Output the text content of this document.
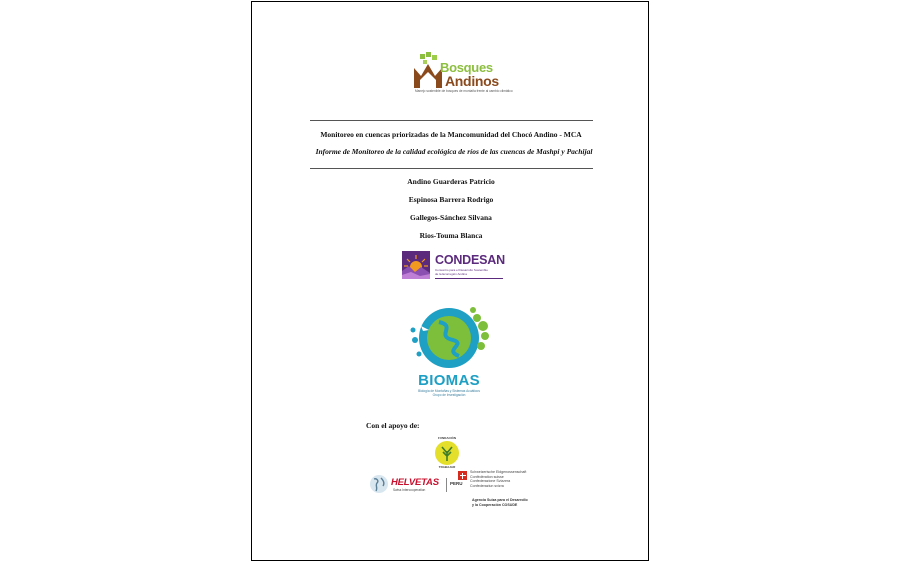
Bosques
Andinos
Manejo sostenible de bosques de montaña frente al cambio climático
Monitoreo en cuencas priorizadas de la Mancomunidad del Chocó Andino - MCA
Informe de Monitoreo de la calidad ecológica de ríos de las cuencas de Mashpi y Pachijal
Andino Guarderas Patricio
Espinosa Barrera Rodrigo
Gallegos-Sánchez Silvana
Rios-Touma Blanca
CONDESAN
Consorcio para el Desarrollo Sostenible
de la Ecorregión Andina
BIOMAS
Biología de Montañas y Sistemas Acuáticos
Grupo de Investigación
Con el apoyo de:
FUNDACIÓN
TRABAJAR
HELVETAS
Swiss Intercooperation
PERU
Schweizerische Eidgenossenschaft
Confédération suisse
Confederazione Svizzera
Confederaziun svizra
Agencia Suiza para el Desarrollo
y la Cooperación COSUDE
